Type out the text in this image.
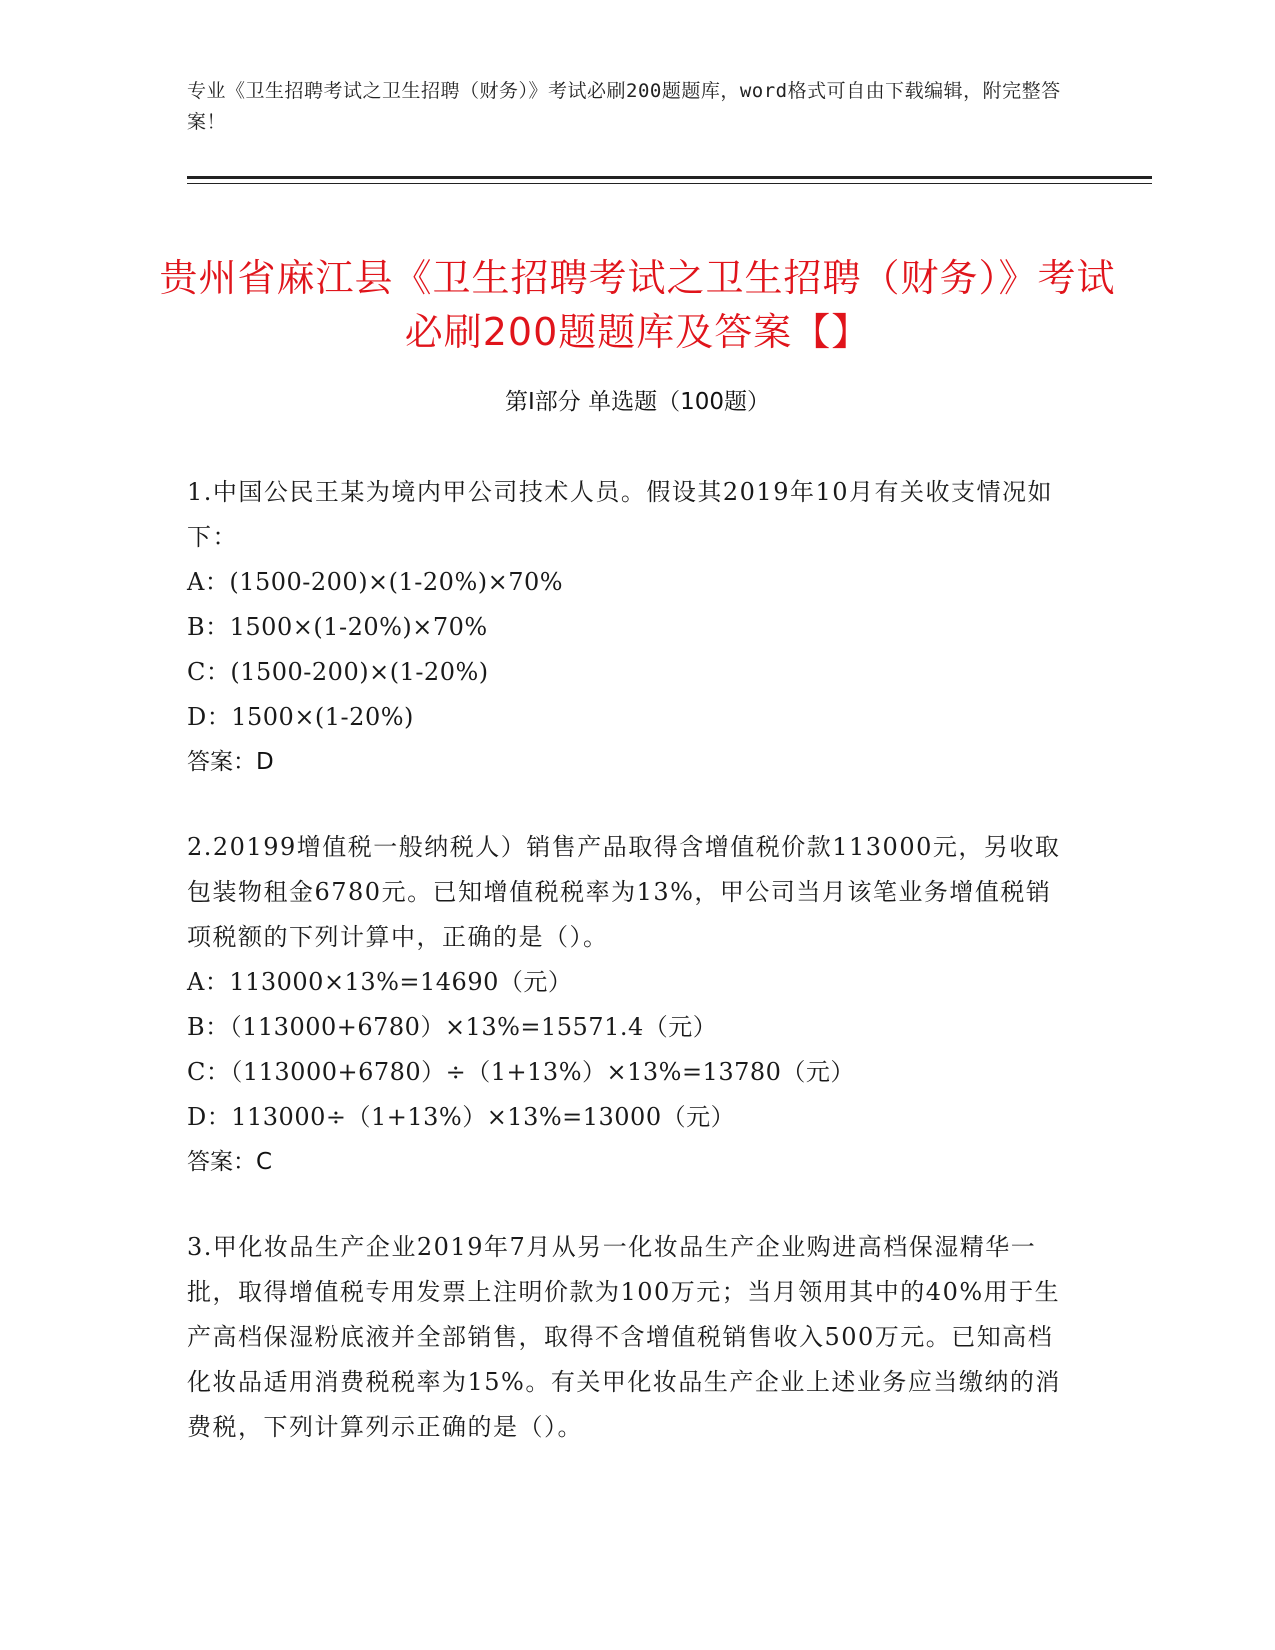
专业《卫生招聘考试之卫生招聘（财务）》考试必刷200题题库，word格式可自由下载编辑，附完整答案！
贵州省麻江县《卫生招聘考试之卫生招聘（财务）》考试必刷200题题库及答案【】
第I部分 单选题（100题）

1.中国公民王某为境内甲公司技术人员。假设其2019年10月有关收支情况如下：

A：(1500-200)×(1-20%)×70%

B：1500×(1-20%)×70%

C：(1500-200)×(1-20%)

D：1500×(1-20%)

答案：D

2.20199增值税一般纳税人）销售产品取得含增值税价款113000元，另收取包装物租金6780元。已知增值税税率为13%，甲公司当月该笔业务增值税销项税额的下列计算中，正确的是（）。

A：113000×13%=14690（元）

B：（113000+6780）×13%=15571.4（元）

C：（113000+6780）÷（1+13%）×13%=13780（元）

D：113000÷（1+13%）×13%=13000（元）

答案：C

3.甲化妆品生产企业2019年7月从另一化妆品生产企业购进高档保湿精华一批，取得增值税专用发票上注明价款为100万元；当月领用其中的40%用于生产高档保湿粉底液并全部销售，取得不含增值税销售收入500万元。已知高档化妆品适用消费税税率为15%。有关甲化妆品生产企业上述业务应当缴纳的消费税，下列计算列示正确的是（）。
